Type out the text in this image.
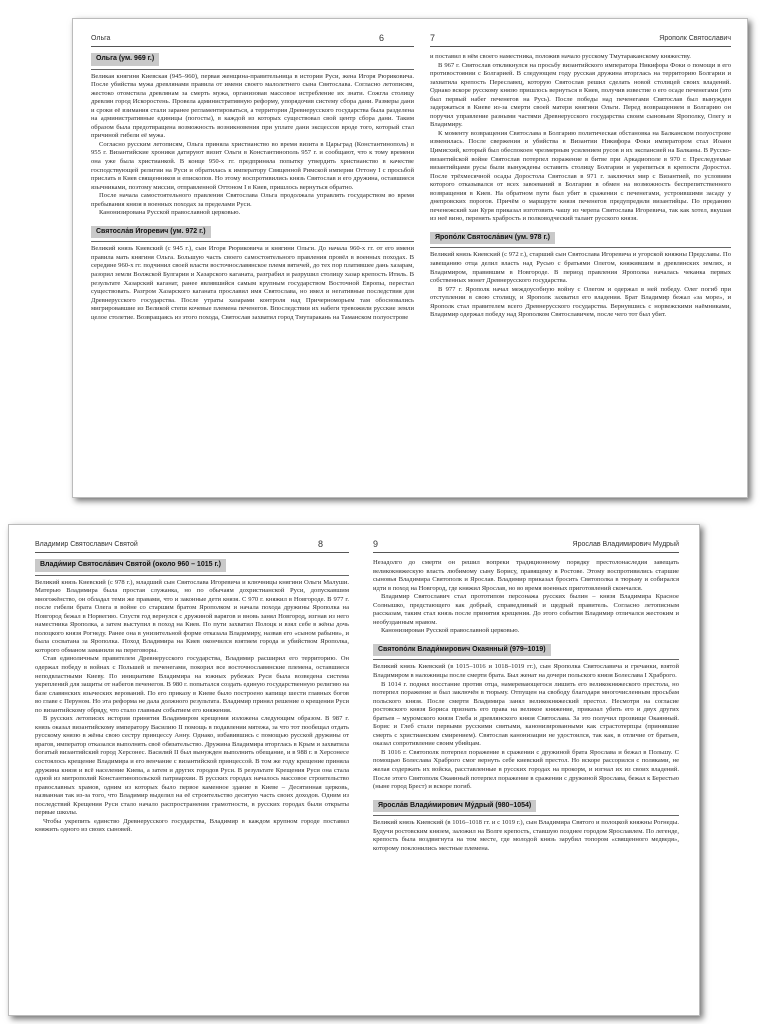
Ольга	6
Ольга (ум. 969 г.)

Великая княгиня Киевская (945–960), первая женщина-правительница в истории Руси, жена Игоря Рюриковича. После убийства мужа древлянами правила от имени своего малолетнего сына Святослава. Согласно летописям, жестоко отомстила древлянам за смерть мужа, организовав массовое истребление их знати. Сожгла столицу древлян город Искоростень. Провела административную реформу, упорядочив систему сбора дани. Размеры дани и сроки её взимания стали заранее регламентироваться, а территория Древнерусского государства была разделена на административные единицы (погосты), в каждой из которых существовал свой центр сбора дани. Таким образом была предотвращена возможность возникновения при уплате дани эксцессов вроде того, который стал причиной гибели её мужа.

Согласно русским летописям, Ольга приняла христианство во время визита в Царьград (Константинополь) в 955 г. Византийские хроники датируют визит Ольги в Константинополь 957 г. и сообщают, что к тому времени она уже была христианкой. В конце 950-х гг. предприняла попытку утвердить христианство в качестве господствующей религии на Руси и обратилась к императору Священной Римской империи Оттону I с просьбой прислать в Киев священников и епископов. Но этому воспротивились князь Святослав и его дружина, оставшиеся язычниками, поэтому миссии, отправленной Оттоном I в Киев, пришлось вернуться обратно.

После начала самостоятельного правления Святослава Ольга продолжала управлять государством во время пребывания князя в военных походах за пределами Руси.

Канонизирована Русской православной церковью.

Святосла́в И́горевич (ум. 972 г.)

Великий князь Киевский (с 945 г.), сын Игоря Рюриковича и княгини Ольги. До начала 960-х гг. от его имени правила мать княгиня Ольга. Большую часть своего самостоятельного правления провёл в военных походах. В середине 960-х гг. подчинил своей власти восточнославянское племя вятичей, до тех пор платившее дань хазарам, разорил земли Волжской Булгарии и Хазарского каганата, разграбил и разрушил столицу хазар крепость Итиль. В результате Хазарский каганат, ранее являвшийся самым крупным государством Восточной Европы, перестал существовать. Разгром Хазарского каганата прославил имя Святослава, но имел и негативные последствия для Древнерусского государства. После утраты хазарами контроля над Причерноморьем там обосновались мигрировавшие из Великой степи кочевые племена печенегов. Впоследствии их набеги тревожили русские земли целое столетие. Возвращаясь из этого похода, Святослав захватил город Тмутаракань на Таманском полуострове

7	Ярополк Святославич

и поставил в нём своего наместника, положив начало русскому Тмутараканскому княжеству.

В 967 г. Святослав откликнулся на просьбу византийского императора Никифора Фоки о помощи в его противостоянии с Болгарией. В следующем году русская дружина вторглась на территорию Болгарии и захватила крепость Переславец, которую Святослав решил сделать новой столицей своих владений. Однако вскоре русскому князю пришлось вернуться в Киев, получив известие о его осаде печенегами (это был первый набег печенегов на Русь). После победы над печенегами Святослав был вынужден задержаться в Киеве из-за смерти своей матери княгини Ольги. Перед возвращением в Болгарию он поручил управление разными частями Древнерусского государства своим сыновьям Ярополку, Олегу и Владимиру.

К моменту возвращения Святослава в Болгарию политическая обстановка на Балканском полуострове изменилась. После свержения и убийства в Византии Никифора Фоки императором стал Иоанн Цимисхий, который был обеспокоен чрезмерным усилением русов и их экспансией на Балканы. В Русско-византийской войне Святослав потерпел поражение в битве при Аркадиополе в 970 г. Преследуемые византийцами русы были вынуждены оставить столицу Болгарии и укрепиться в крепости Доростол. После трёхмесячной осады Доростола Святослав в 971 г. заключил мир с Византией, по условиям которого отказывался от всех завоеваний в Болгарии в обмен на возможность беспрепятственного возвращения в Киев. На обратном пути был убит в сражении с печенегами, устроившими засаду у днепровских порогов. Причём о маршруте князя печенегов предупредили византийцы. По преданию печенежский хан Куря приказал изготовить чашу из черепа Святослава Игоревича, так как хотел, вкушая из неё вино, перенять храбрость и полководческий талант русского князя.

Яропо́лк Святосла́вич (ум. 978 г.)

Великий князь Киевский (с 972 г.), старший сын Святослава Игоревича и угорской княжны Предславы. По завещанию отца делил власть над Русью с братьями Олегом, княжившим в древлянских землях, и Владимиром, правившим в Новгороде. В период правления Ярополка началась чеканка первых собственных монет Древнерусского государства.

В 977 г. Ярополк начал междоусобную войну с Олегом и одержал в ней победу. Олег погиб при отступлении в свою столицу, и Ярополк захватил его владения. Брат Владимир бежал «за море», и Ярополк стал правителем всего Древнерусского государства. Вернувшись с норвежскими наёмниками, Владимир одержал победу над Ярополком Святославичем, после чего тот был убит.

Владимир Святославич Святой	8
Влади́мир Святосла́вич Святой (около 960 – 1015 г.)

Великий князь Киевский (с 978 г.), младший сын Святослава Игоревича и ключницы княгини Ольги Малуши. Матерью Владимира была простая служанка, но по обычаям дохристианской Руси, допускавшим многожёнство, он обладал теми же правами, что и законные дети князя. С 970 г. княжил в Новгороде. В 977 г. после гибели брата Олега в войне со старшим братом Ярополком и начала похода дружины Ярополка на Новгород бежал в Норвегию. Спустя год вернулся с дружиной варягов и вновь занял Новгород, изгнав из него наместника Ярополка, а затем выступил в поход на Киев. По пути захватил Полоцк и взял себе в жёны дочь полоцкого князя Рогнеду. Ранее она в унизительной форме отказала Владимиру, назвав его «сыном рабыни», и была сосватана за Ярополка. Поход Владимира на Киев окончился взятием города и убийством Ярополка, которого обманом заманили на переговоры.

Став единоличным правителем Древнерусского государства, Владимир расширил его территорию. Он одержал победу в войнах с Польшей и печенегами, покорил все восточнославянские племена, оставшиеся неподвластными Киеву. По инициативе Владимира на южных рубежах Руси была возведена система укреплений для защиты от набегов печенегов. В 980 г. попытался создать единую государственную религию на базе славянских языческих верований. По его приказу в Киеве было построено капище шести главных богов во главе с Перуном. Но эта реформа не дала должного результата. Владимир принял решение о крещении Руси по византийскому обряду, что стало главным событием его княжения.

В русских летописях история принятия Владимиром крещения изложена следующим образом. В 987 г. князь оказал византийскому императору Василию II помощь в подавлении мятежа, за что тот пообещал отдать русскому князю в жёны свою сестру принцессу Анну. Однако, избавившись с помощью русской дружины от врагов, император отказался выполнять своё обязательство. Дружина Владимира вторглась в Крым и захватила богатый византийский город Херсонес. Василий II был вынужден выполнить обещание, и в 988 г. в Херсонесе состоялось крещение Владимира и его венчание с византийской принцессой. В том же году крещение приняла дружина князя и всё население Киева, а затем и других городов Руси. В результате Крещения Руси она стала одной из митрополий Константинопольской патриархии. В русских городах началось массовое строительство православных храмов, одним из которых было первое каменное здание в Киеве – Десятинная церковь, названная так из-за того, что Владимир выделил на её строительство десятую часть своих доходов. Одним из последствий Крещения Руси стало начало распространения грамотности, в русских городах были открыты первые школы.

Чтобы укрепить единство Древнерусского государства, Владимир в каждом крупном городе поставил княжить одного из своих сыновей.

9	Ярослав Владимирович Мудрый

Незадолго до смерти он решил вопреки традиционному порядку престолонаследия завещать великокняжескую власть любимому сыну Борису, правящему в Ростове. Этому воспротивились старшие сыновья Владимира Святополк и Ярослав. Владимир приказал бросить Святополка в тюрьму и собирался идти в поход на Новгород, где княжил Ярослав, но во время военных приготовлений скончался.

Владимир Святославич стал прототипом персонажа русских былин – князя Владимира Красное Солнышко, предстающего как добрый, справедливый и щедрый правитель. Согласно летописным рассказам, таким стал князь после принятия крещения. До этого события Владимир отличался жестоким и необузданным нравом.

Канонизирован Русской православной церковью.

Святопо́лк Влади́мирович Окаянный (979–1019)

Великий князь Киевский (в 1015–1016 и 1018–1019 гг.), сын Ярополка Святославича и гречанки, взятой Владимиром в наложницы после смерти брата. Был женат на дочери польского князя Болеслава I Храброго.

В 1014 г. поднял восстание против отца, намеревающегося лишить его великокняжеского престола, но потерпел поражение и был заключён в тюрьму. Отпущен на свободу благодаря многочисленным просьбам польского князя. После смерти Владимира занял великокняжеский престол. Несмотря на согласие ростовского князя Бориса признать его права на великое княжение, приказал убить его и двух других братьев – муромского князя Глеба и древлянского князя Святослава. За это получил прозвище Окаянный. Борис и Глеб стали первыми русскими святыми, канонизированными как страстотерпцы (принявшие смерть с христианским смирением). Святослав канонизации не удостоился, так как, в отличие от братьев, оказал сопротивление своим убийцам.

В 1016 г. Святополк потерпел поражение в сражении с дружиной брата Ярослава и бежал в Польшу. С помощью Болеслава Храброго смог вернуть себе киевский престол. Но вскоре рассорился с поляками, не желая содержать их войска, расставленные в русских городах на прокорм, и изгнал их из своих владений. После этого Святополк Окаянный потерпел поражение в сражении с дружиной Ярослава, бежал к Берестью (ныне город Брест) и вскоре погиб.

Яросла́в Влади́мирович Му́дрый (980–1054)

Великий князь Киевский (в 1016–1018 гг. и с 1019 г.), сын Владимира Святого и полоцкой княжны Рогнеды. Будучи ростовским князем, заложил на Волге крепость, ставшую позднее городом Ярославлем. По легенде, крепость была воздвигнута на том месте, где молодой князь зарубил топором «священного медведя», которому поклонились местные племена.
